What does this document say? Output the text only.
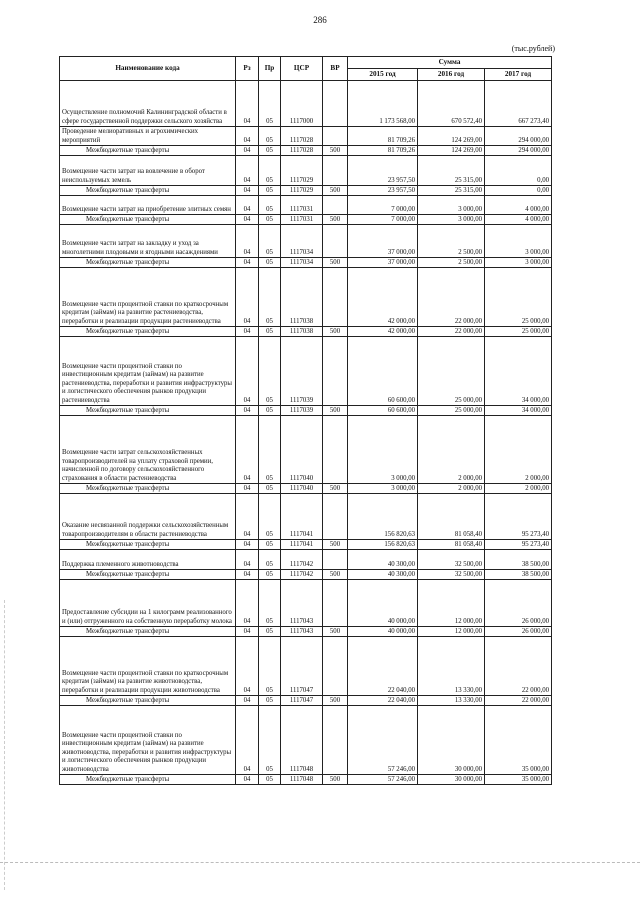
286
(тыс.рублей)
Наименование кода	Рз	Пр	ЦСР	ВР	Сумма		
					2015 год	2016 год	2017 год
Осуществление полномочий Калининградской области в сфере государственной поддержки сельского хозяйства	04	05	1117000		1 173 568,00	670 572,40	667 273,40
Проведение мелиоративных и агрохимических мероприятий	04	05	1117028		81 709,26	124 269,00	294 000,00
Межбюджетные трансферты	04	05	1117028	500	81 709,26	124 269,00	294 000,00
Возмещение части затрат на вовлечение в оборот неиспользуемых земель	04	05	1117029		23 957,50	25 315,00	0,00
Межбюджетные трансферты	04	05	1117029	500	23 957,50	25 315,00	0,00
Возмещение части затрат на приобретение элитных семян	04	05	1117031		7 000,00	3 000,00	4 000,00
Межбюджетные трансферты	04	05	1117031	500	7 000,00	3 000,00	4 000,00
Возмещение части затрат на закладку и уход за многолетними плодовыми и ягодными насаждениями	04	05	1117034		37 000,00	2 500,00	3 000,00
Межбюджетные трансферты	04	05	1117034	500	37 000,00	2 500,00	3 000,00
Возмещение части процентной ставки по краткосрочным кредитам (займам) на развитие растениеводства, переработки и реализации продукции растениеводства	04	05	1117038		42 000,00	22 000,00	25 000,00
Межбюджетные трансферты	04	05	1117038	500	42 000,00	22 000,00	25 000,00
Возмещение части процентной ставки по инвестиционным кредитам (займам) на развитие растениеводства, переработки и развития инфраструктуры и логистического обеспечения рынков продукции растениеводства	04	05	1117039		60 600,00	25 000,00	34 000,00
Межбюджетные трансферты	04	05	1117039	500	60 600,00	25 000,00	34 000,00
Возмещение части затрат сельскохозяйственных товаропроизводителей на уплату страховой премии, начисленной по договору сельскохозяйственного страхования в области растениеводства	04	05	1117040		3 000,00	2 000,00	2 000,00
Межбюджетные трансферты	04	05	1117040	500	3 000,00	2 000,00	2 000,00
Оказание несвязанной поддержки сельскохозяйственным товаропроизводителям в области растениеводства	04	05	1117041		156 820,63	81 058,40	95 273,40
Межбюджетные трансферты	04	05	1117041	500	156 820,63	81 058,40	95 273,40
Поддержка племенного животноводства	04	05	1117042		40 300,00	32 500,00	38 500,00
Межбюджетные трансферты	04	05	1117042	500	40 300,00	32 500,00	38 500,00
Предоставление субсидии на 1 килограмм реализованного и (или) отгруженного на собственную переработку молока	04	05	1117043		40 000,00	12 000,00	26 000,00
Межбюджетные трансферты	04	05	1117043	500	40 000,00	12 000,00	26 000,00
Возмещение части процентной ставки по краткосрочным кредитам (займам) на развитие животноводства, переработки и реализации продукции животноводства	04	05	1117047		22 040,00	13 330,00	22 000,00
Межбюджетные трансферты	04	05	1117047	500	22 040,00	13 330,00	22 000,00
Возмещение части процентной ставки по инвестиционным кредитам (займам) на развитие животноводства, переработки и развития инфраструктуры и логистического обеспечения рынков продукции животноводства	04	05	1117048		57 246,00	30 000,00	35 000,00
Межбюджетные трансферты	04	05	1117048	500	57 246,00	30 000,00	35 000,00
